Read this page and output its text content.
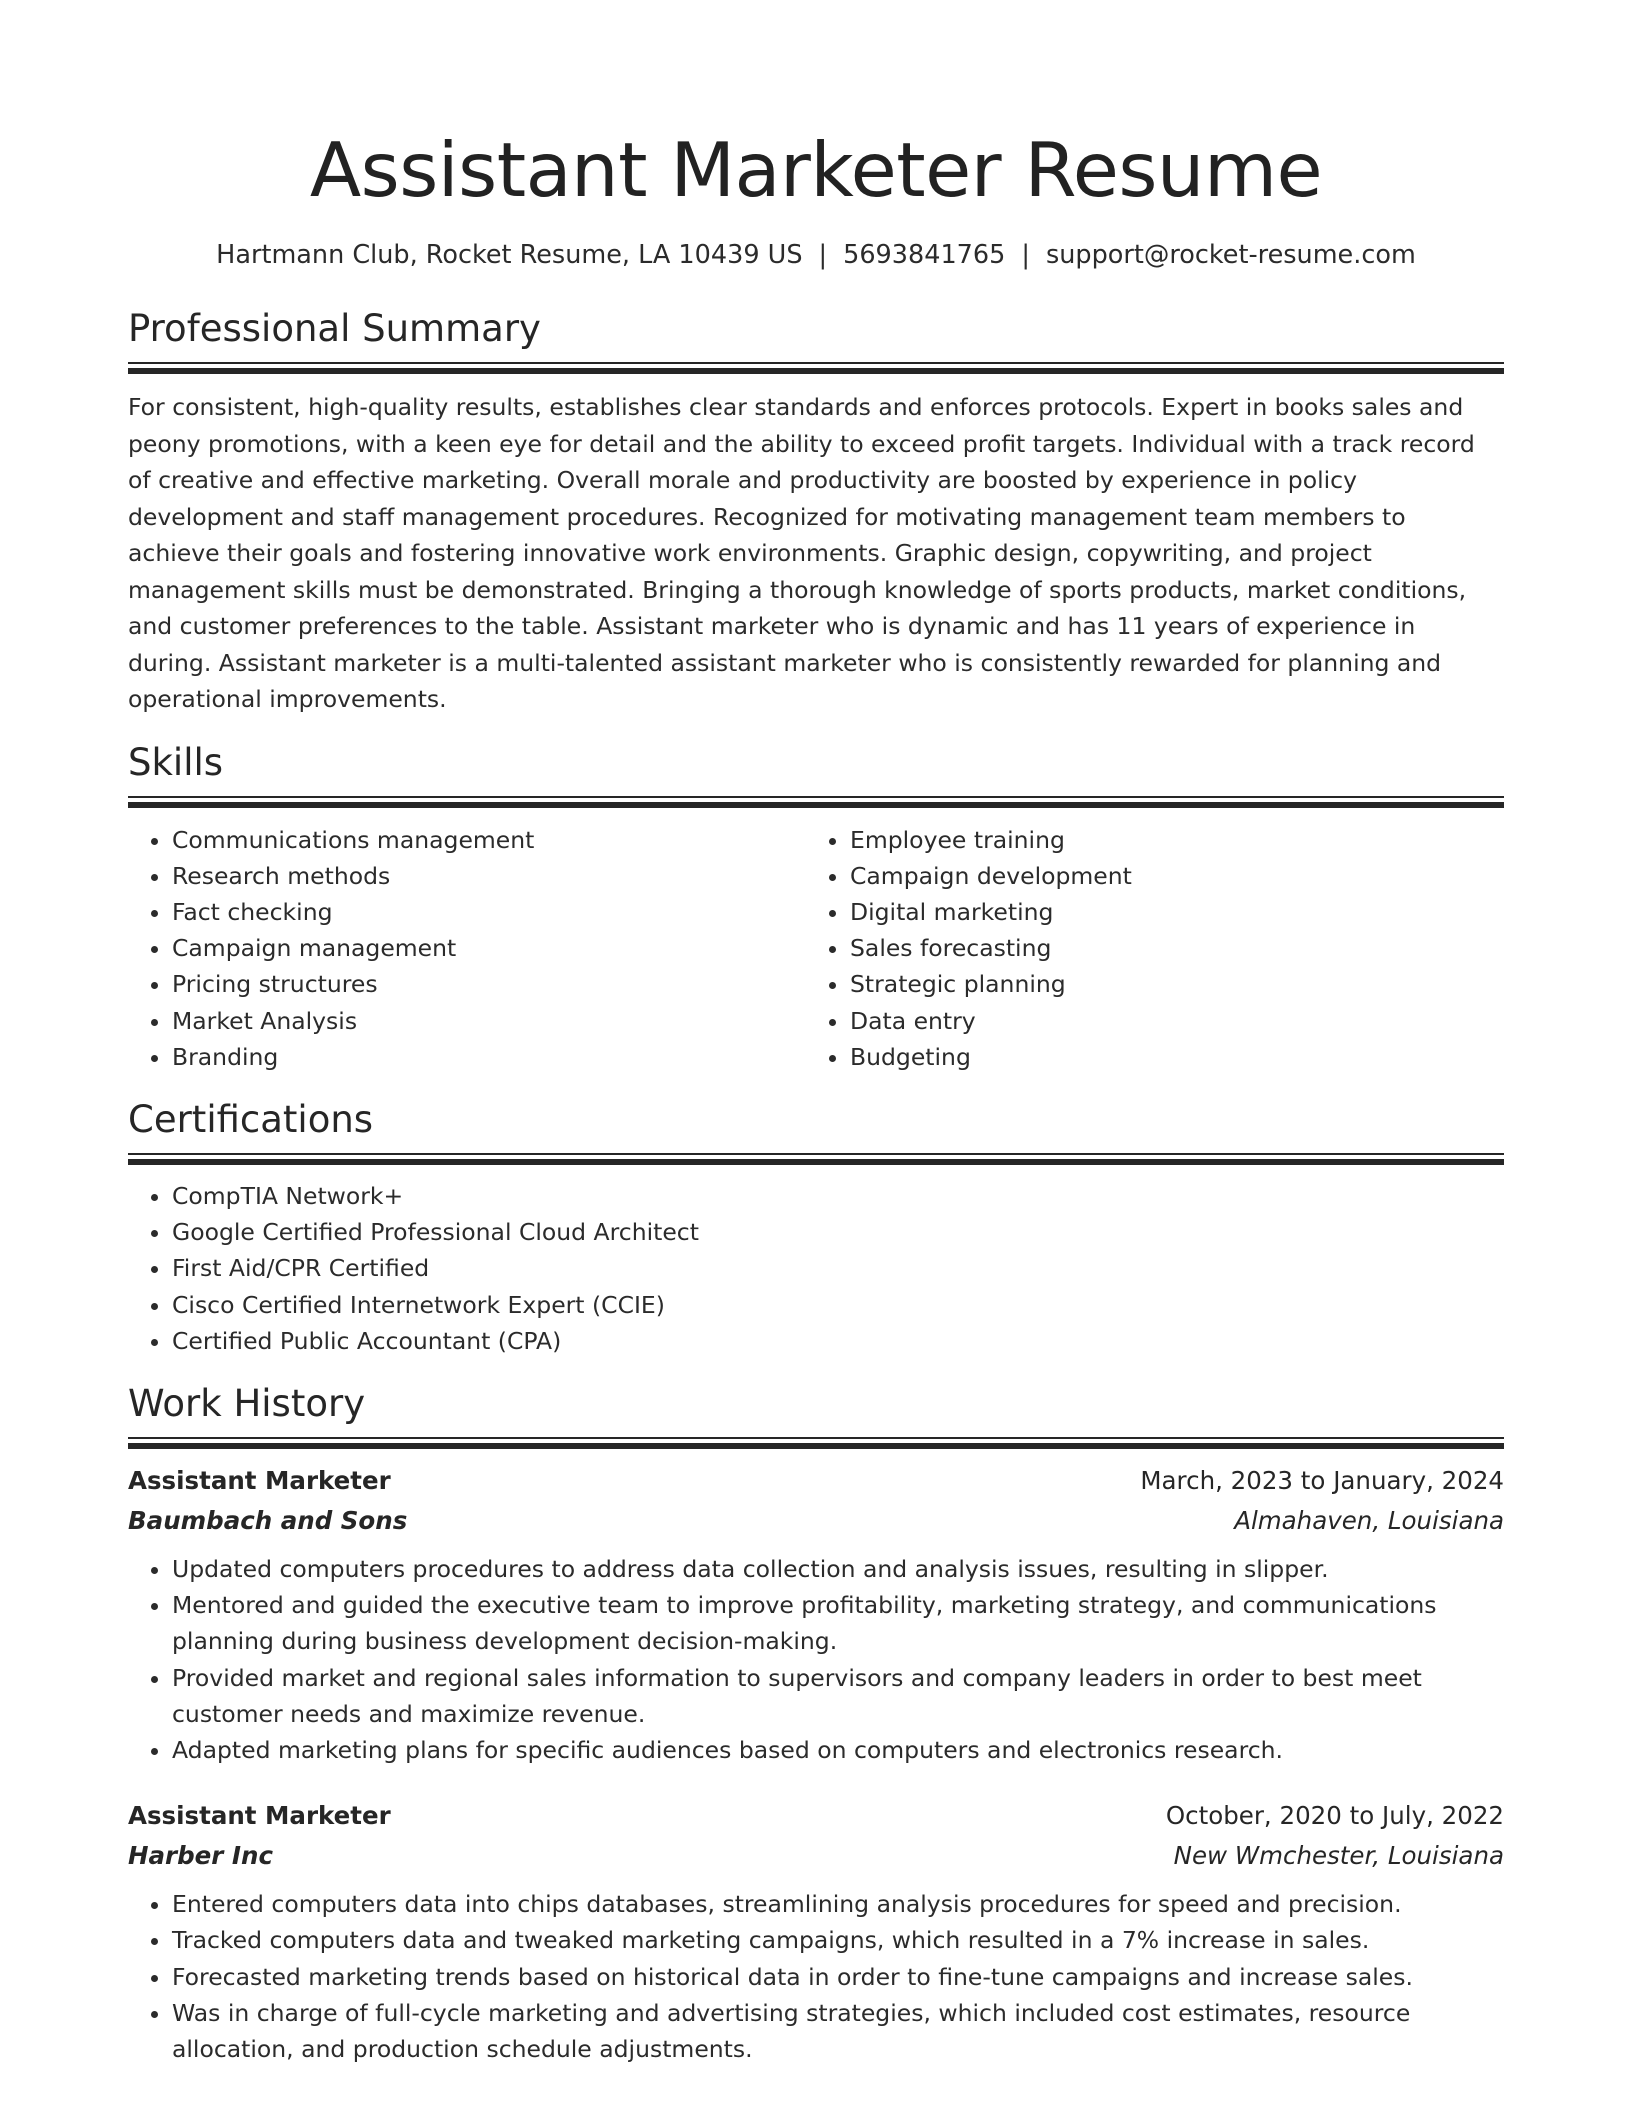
Assistant Marketer Resume
Hartmann Club, Rocket Resume, LA 10439 US | 5693841765 | support@rocket-resume.com
Professional Summary

For consistent, high-quality results, establishes clear standards and enforces protocols. Expert in books sales and peony promotions, with a keen eye for detail and the ability to exceed profit targets. Individual with a track record of creative and effective marketing. Overall morale and productivity are boosted by experience in policy development and staff management procedures. Recognized for motivating management team members to achieve their goals and fostering innovative work environments. Graphic design, copywriting, and project management skills must be demonstrated. Bringing a thorough knowledge of sports products, market conditions, and customer preferences to the table. Assistant marketer who is dynamic and has 11 years of experience in during. Assistant marketer is a multi-talented assistant marketer who is consistently rewarded for planning and operational improvements.

Skills
• Communications management
• Research methods
• Fact checking
• Campaign management
• Pricing structures
• Market Analysis
• Branding
• Employee training
• Campaign development
• Digital marketing
• Sales forecasting
• Strategic planning
• Data entry
• Budgeting
Certifications
• CompTIA Network+
• Google Certified Professional Cloud Architect
• First Aid/CPR Certified
• Cisco Certified Internetwork Expert (CCIE)
• Certified Public Accountant (CPA)
Work History
Assistant Marketer	March, 2023 to January, 2024
Baumbach and Sons	Almahaven, Louisiana
• Updated computers procedures to address data collection and analysis issues, resulting in slipper.
• Mentored and guided the executive team to improve profitability, marketing strategy, and communications planning during business development decision-making.
• Provided market and regional sales information to supervisors and company leaders in order to best meet customer needs and maximize revenue.
• Adapted marketing plans for specific audiences based on computers and electronics research.
Assistant Marketer	October, 2020 to July, 2022
Harber Inc	New Wmchester, Louisiana
• Entered computers data into chips databases, streamlining analysis procedures for speed and precision.
• Tracked computers data and tweaked marketing campaigns, which resulted in a 7% increase in sales.
• Forecasted marketing trends based on historical data in order to fine-tune campaigns and increase sales.
• Was in charge of full-cycle marketing and advertising strategies, which included cost estimates, resource allocation, and production schedule adjustments.
